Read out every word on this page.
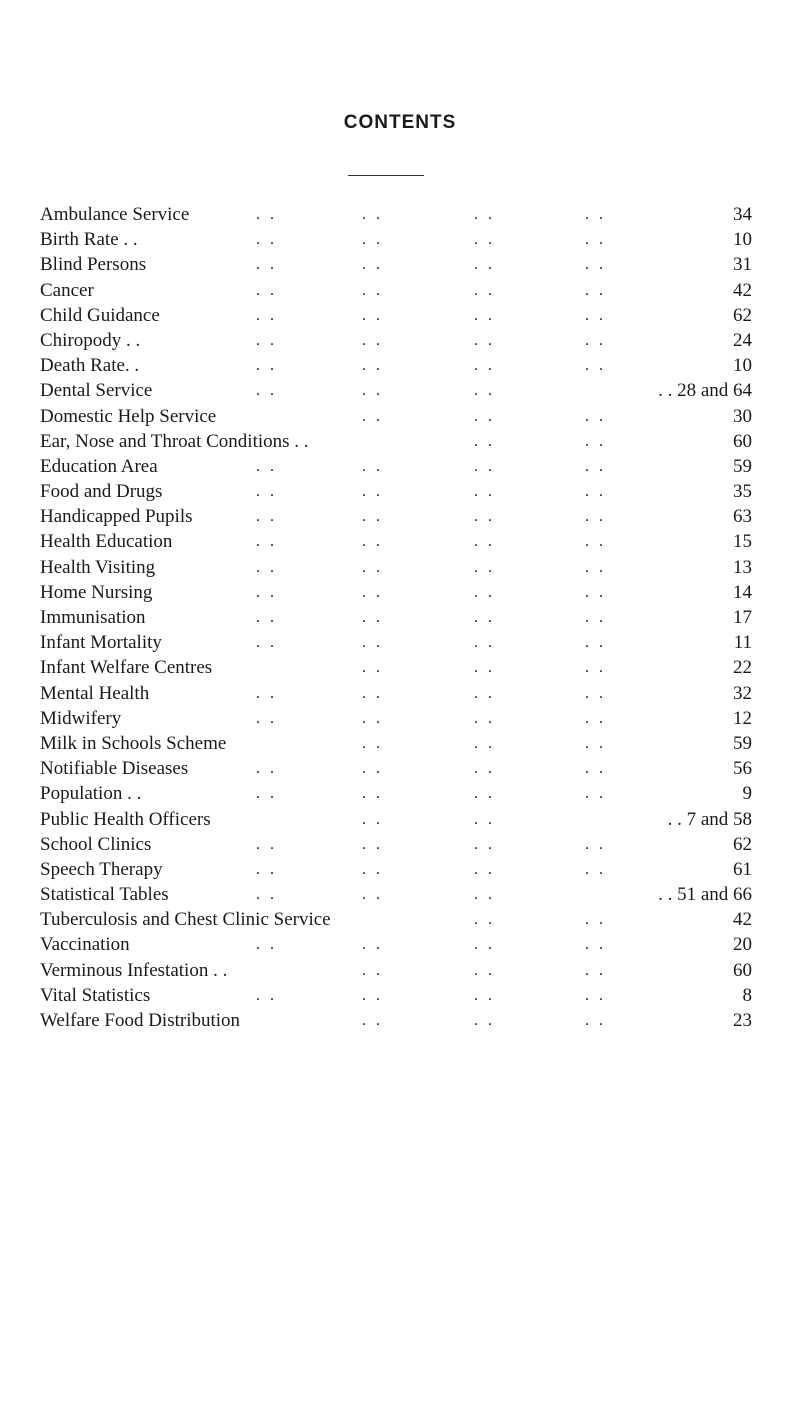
CONTENTS
. .	. .	. .	. .
Ambulance Service	34
. .	. .	. .	. .
Birth Rate . .	10
. .	. .	. .	. .
Blind Persons	31
. .	. .	. .	. .
Cancer	42
. .	. .	. .	. .
Child Guidance	62
. .	. .	. .	. .
Chiropody . .	24
. .	. .	. .	. .
Death Rate. .	10
. .	. .	. .
Dental Service	. . 28 and 64
. .	. .	. .
Domestic Help Service	30
. .	. .
Ear, Nose and Throat Conditions . .	60
. .	. .	. .	. .
Education Area	59
. .	. .	. .	. .
Food and Drugs	35
. .	. .	. .	. .
Handicapped Pupils	63
. .	. .	. .	. .
Health Education	15
. .	. .	. .	. .
Health Visiting	13
. .	. .	. .	. .
Home Nursing	14
. .	. .	. .	. .
Immunisation	17
. .	. .	. .	. .
Infant Mortality	11
. .	. .	. .
Infant Welfare Centres	22
. .	. .	. .	. .
Mental Health	32
. .	. .	. .	. .
Midwifery	12
. .	. .	. .
Milk in Schools Scheme	59
. .	. .	. .	. .
Notifiable Diseases	56
. .	. .	. .	. .
Population . .	9
. .	. .
Public Health Officers	. . 7 and 58
. .	. .	. .	. .
School Clinics	62
. .	. .	. .	. .
Speech Therapy	61
. .	. .	. .
Statistical Tables	. . 51 and 66
. .	. .
Tuberculosis and Chest Clinic Service	42
. .	. .	. .	. .
Vaccination	20
. .	. .	. .
Verminous Infestation . .	60
. .	. .	. .	. .
Vital Statistics	8
. .	. .	. .
Welfare Food Distribution	23
